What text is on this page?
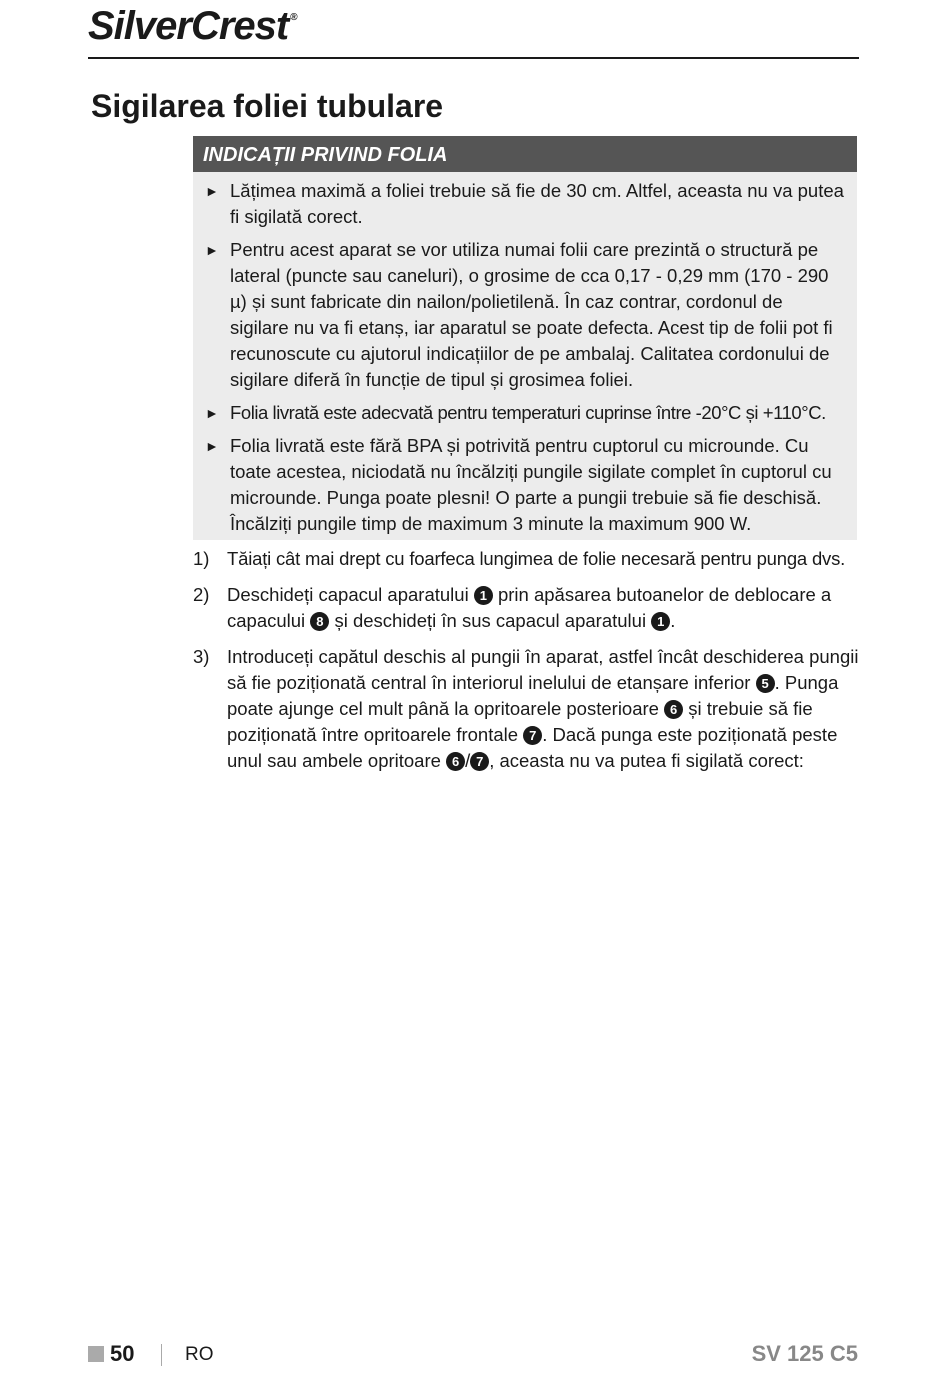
SilverCrest ®
Sigilarea foliei tubulare
INDICAȚII PRIVIND FOLIA
► Lățimea maximă a foliei trebuie să fie de 30 cm. Altfel, aceasta nu va putea fi sigilată corect.
► Pentru acest aparat se vor utiliza numai folii care prezintă o structură pe lateral (puncte sau caneluri), o grosime de cca 0,17 - 0,29 mm (170 - 290 µ) și sunt fabricate din nailon/polietilenă. În caz contrar, cordonul de sigilare nu va fi etanș, iar aparatul se poate defecta. Acest tip de folii pot fi recunoscute cu ajutorul indicațiilor de pe ambalaj. Calitatea cordonului de sigilare diferă în funcție de tipul și grosimea foliei.
► Folia livrată este adecvată pentru temperaturi cuprinse între -20°C și +110°C.
► Folia livrată este fără BPA și potrivită pentru cuptorul cu microunde. Cu toate acestea, niciodată nu încălziți pungile sigilate complet în cuptorul cu microunde. Punga poate plesni! O parte a pungii trebuie să fie deschisă. Încălziți pungile timp de maximum 3 minute la maximum 900 W.
1) Tăiați cât mai drept cu foarfeca lungimea de folie necesară pentru punga dvs.
2) Deschideți capacul aparatului 1 prin apăsarea butoanelor de deblocare a capacului 8 și deschideți în sus capacul aparatului 1 .
3) Introduceți capătul deschis al pungii în aparat, astfel încât deschiderea pungii să fie poziționată central în interiorul inelului de etanșare inferior 5 . Punga poate ajunge cel mult până la opritoarele posterioare 6 și trebuie să fie poziționată între opritoarele frontale 7 . Dacă punga este poziționată peste unul sau ambele opritoare 6 / 7 , aceasta nu va putea fi sigilată corect:
50	RO	SV 125 C5
